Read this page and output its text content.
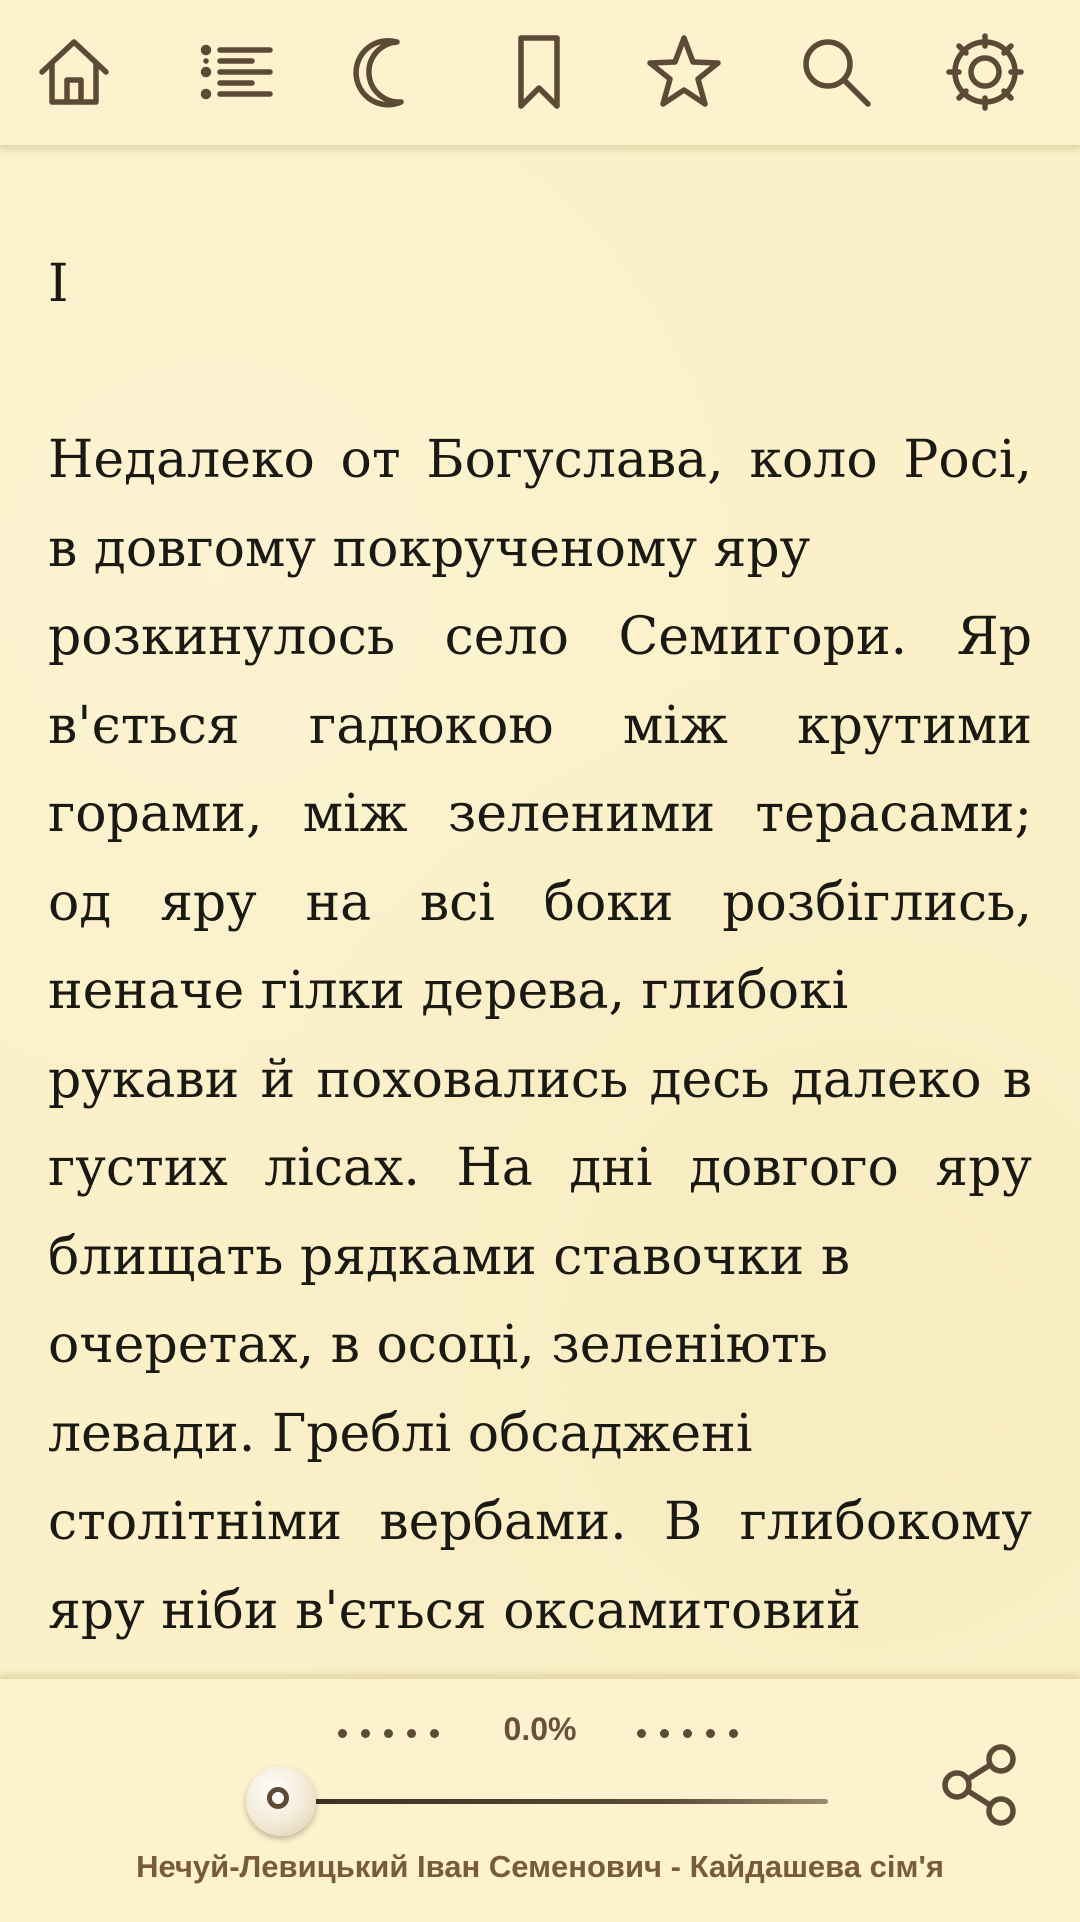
I
Недалеко от Богуслава, коло Росі,
в довгому покрученому яру
розкинулось село Семигори. Яр
в'ється гадюкою між крутими
горами, між зеленими терасами;
од яру на всі боки розбіглись,
неначе гілки дерева, глибокі
рукави й поховались десь далеко в
густих лісах. На дні довгого яру
блищать рядками ставочки в
очеретах, в осоці, зеленіють
левади. Греблі обсаджені
столітніми вербами. В глибокому
яру ніби в'ється оксамитовий
0.0%
Нечуй-Левицький Іван Семенович - Кайдашева сім'я
